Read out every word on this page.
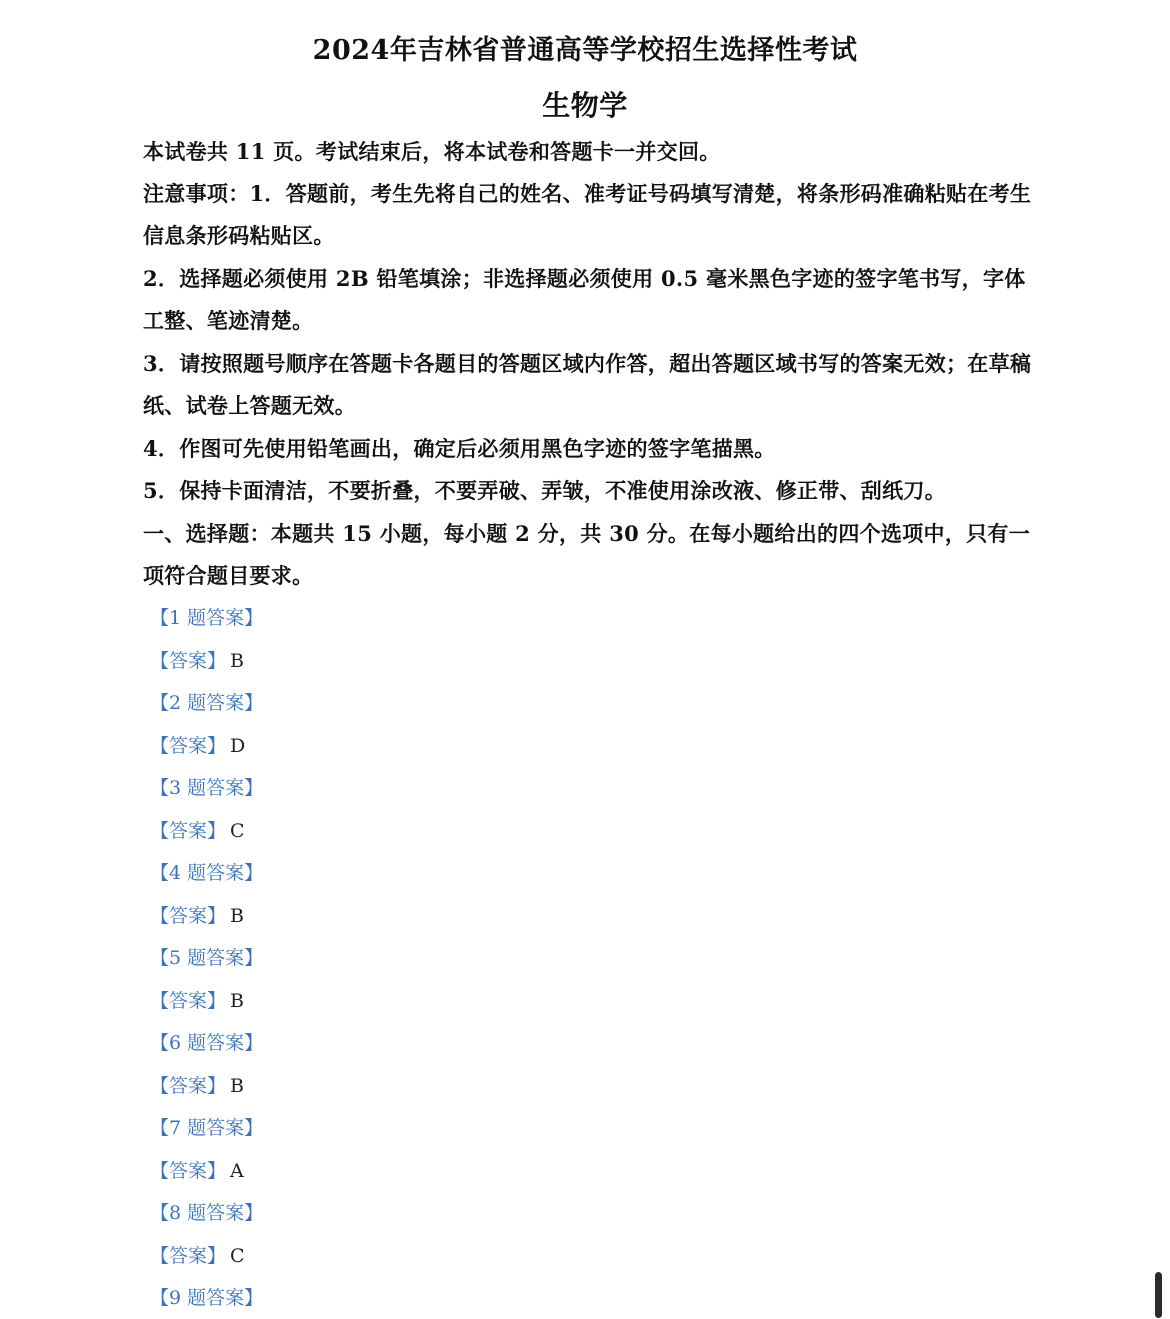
2024年吉林省普通高等学校招生选择性考试
生物学
本试卷共 11 页。考试结束后，将本试卷和答题卡一并交回。
注意事项：1．答题前，考生先将自己的姓名、准考证号码填写清楚，将条形码准确粘贴在考生信息条形码粘贴区。
2．选择题必须使用 2B 铅笔填涂；非选择题必须使用 0.5 毫米黑色字迹的签字笔书写，字体工整、笔迹清楚。
3．请按照题号顺序在答题卡各题目的答题区域内作答，超出答题区域书写的答案无效；在草稿纸、试卷上答题无效。
4．作图可先使用铅笔画出，确定后必须用黑色字迹的签字笔描黑。
5．保持卡面清洁，不要折叠，不要弄破、弄皱，不准使用涂改液、修正带、刮纸刀。
一、选择题：本题共 15 小题，每小题 2 分，共 30 分。在每小题给出的四个选项中，只有一项符合题目要求。
【1 题答案】
【答案】 B
【2 题答案】
【答案】 D
【3 题答案】
【答案】 C
【4 题答案】
【答案】 B
【5 题答案】
【答案】 B
【6 题答案】
【答案】 B
【7 题答案】
【答案】 A
【8 题答案】
【答案】 C
【9 题答案】
